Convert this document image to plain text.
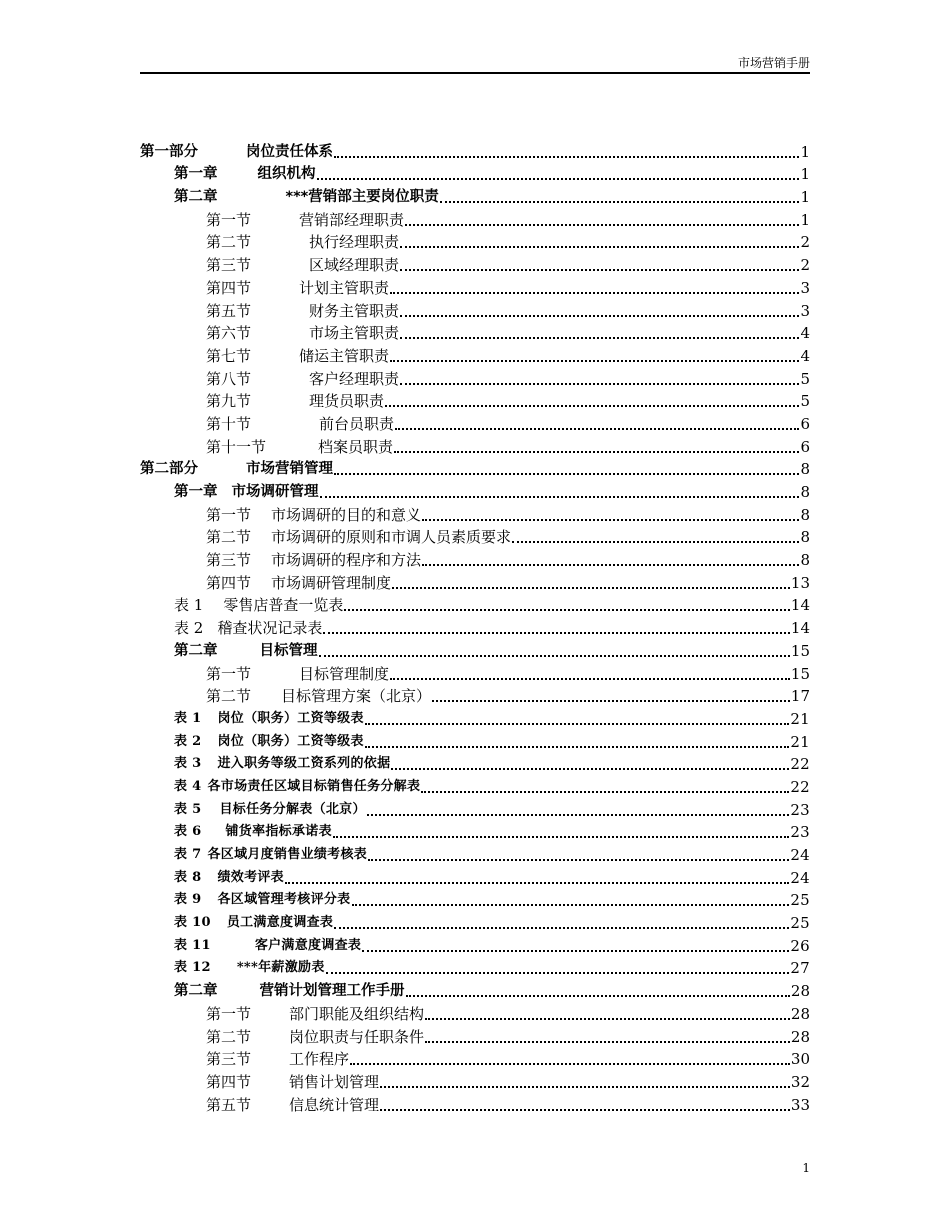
市场营销手册
第一部分	岗位责任体系	1
第一章	组织机构	1
第二章	***营销部主要岗位职责	1
第一节	营销部经理职责	1
第二节	执行经理职责	2
第三节	区域经理职责	2
第四节	计划主管职责	3
第五节	财务主管职责	3
第六节	市场主管职责	4
第七节	储运主管职责	4
第八节	客户经理职责	5
第九节	理货员职责	5
第十节	前台员职责	6
第十一节	档案员职责	6
第二部分	市场营销管理	8
第一章 市场调研管理	8
第一节 市场调研的目的和意义	8
第二节 市场调研的原则和市调人员素质要求	8
第三节 市场调研的程序和方法	8
第四节 市场调研管理制度	13
表 1 零售店普查一览表	14
表 2 稽查状况记录表	14
第二章	目标管理	15
第一节	目标管理制度	15
第二节 目标管理方案（北京）	17
表 1 岗位（职务）工资等级表	21
表 2 岗位（职务）工资等级表	21
表 3 进入职务等级工资系列的依据	22
表 4 各市场责任区域目标销售任务分解表	22
表 5 目标任务分解表（北京）	23
表 6 铺货率指标承诺表	23
表 7 各区域月度销售业绩考核表	24
表 8 绩效考评表	24
表 9 各区域管理考核评分表	25
表 10 员工满意度调查表	25
表 11	客户满意度调查表	26
表 12 ***年薪激励表	27
第二章	营销计划管理工作手册	28
第一节	部门职能及组织结构	28
第二节	岗位职责与任职条件	28
第三节	工作程序	30
第四节	销售计划管理	32
第五节	信息统计管理	33
1
